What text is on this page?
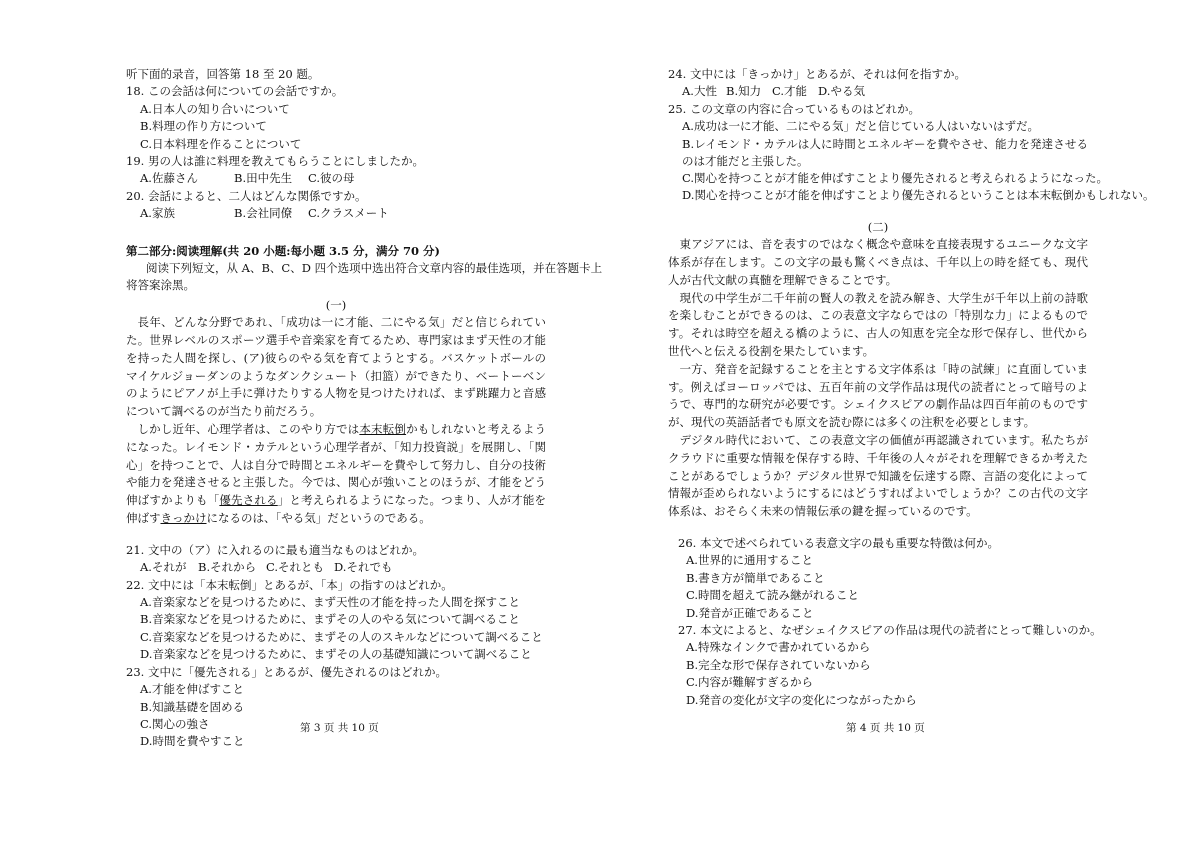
听下面的录音，回答第 18 至 20 题。
18. この会話は何についての会話ですか。
A.日本人の知り合いについて
B.料理の作り方について
C.日本料理を作ることについて
19. 男の人は誰に料理を教えてもらうことにしましたか。
A.佐藤さん	B.田中先生 C.彼の母
20. 会話によると、二人はどんな関係ですか。
A.家族	B.会社同僚 C.クラスメート
第二部分:阅读理解(共 20 小题:每小题 3.5 分，满分 70 分)
阅读下列短文，从 A、B、C、D 四个选项中选出符合文章内容的最佳选项，并在答题卡上
将答案涂黑。
(一)
長年、どんな分野であれ、「成功は一に才能、二にやる気」だと信じられていた。世界レベルのスポーツ選手や音楽家を育てるため、専門家はまず天性の才能を持った人間を探し、(ア)彼らのやる気を育てようとする。バスケットボールのマイケルジョーダンのようなダンクシュート（扣篮）ができたり、ベートーベンのようにピアノが上手に弾けたりする人物を見つけたければ、まず跳躍力と音感について調べるのが当たり前だろう。
しかし近年、心理学者は、このやり方では本末転倒かもしれないと考えるようになった。レイモンド・カテルという心理学者が、「知力投資説」を展開し、「関心」を持つことで、人は自分で時間とエネルギーを費やして努力し、自分の技術や能力を発達させると主張した。今では、関心が強いことのほうが、才能をどう伸ばすかよりも「優先される」と考えられるようになった。つまり、人が才能を伸ばすきっかけになるのは、「やる気」だというのである。
21. 文中の（ア）に入れるのに最も適当なものはどれか。
A.それが B.それから C.それとも D.それでも
22. 文中には「本末転倒」とあるが、「本」の指すのはどれか。
A.音楽家などを見つけるために、まず天性の才能を持った人間を探すこと
B.音楽家などを見つけるために、まずその人のやる気について調べること
C.音楽家などを見つけるために、まずその人のスキルなどについて調べること
D.音楽家などを見つけるために、まずその人の基礎知識について調べること
23. 文中に「優先される」とあるが、優先されるのはどれか。
A.才能を伸ばすこと
B.知識基礎を固める
C.関心の強さ
D.時間を費やすこと
第 3 页 共 10 页
24. 文中には「きっかけ」とあるが、それは何を指すか。
A.大性 B.知力 C.才能 D.やる気
25. この文章の内容に合っているものはどれか。
A.成功は一に才能、二にやる気」だと信じている人はいないはずだ。
B.レイモンド・カテルは人に時間とエネルギーを費やさせ、能力を発達させるのは才能だと主張した。
C.関心を持つことが才能を伸ばすことより優先されると考えられるようになった。
D.関心を持つことが才能を伸ばすことより優先されるということは本末転倒かもしれない。
(二)
東アジアには、音を表すのではなく概念や意味を直接表現するユニークな文字体系が存在します。この文字の最も驚くべき点は、千年以上の時を経ても、現代人が古代文献の真髄を理解できることです。
現代の中学生が二千年前の賢人の教えを読み解き、大学生が千年以上前の詩歌を楽しむことができるのは、この表意文字ならではの「特別な力」によるものです。それは時空を超える橋のように、古人の知恵を完全な形で保存し、世代から世代へと伝える役割を果たしています。
一方、発音を記録することを主とする文字体系は「時の試練」に直面しています。例えばヨーロッパでは、五百年前の文学作品は現代の読者にとって暗号のようで、専門的な研究が必要です。シェイクスピアの劇作品は四百年前のものですが、現代の英語話者でも原文を読む際には多くの注釈を必要とします。
デジタル時代において、この表意文字の価値が再認識されています。私たちがクラウドに重要な情報を保存する時、千年後の人々がそれを理解できるか考えたことがあるでしょうか？デジタル世界で知識を伝達する際、言語の変化によって情報が歪められないようにするにはどうすればよいでしょうか？この古代の文字体系は、おそらく未来の情報伝承の鍵を握っているのです。
26. 本文で述べられている表意文字の最も重要な特徴は何か。
A.世界的に通用すること
B.書き方が簡単であること
C.時間を超えて読み継がれること
D.発音が正確であること
27. 本文によると、なぜシェイクスピアの作品は現代の読者にとって難しいのか。
A.特殊なインクで書かれているから
B.完全な形で保存されていないから
C.内容が難解すぎるから
D.発音の変化が文字の変化につながったから
第 4 页 共 10 页
